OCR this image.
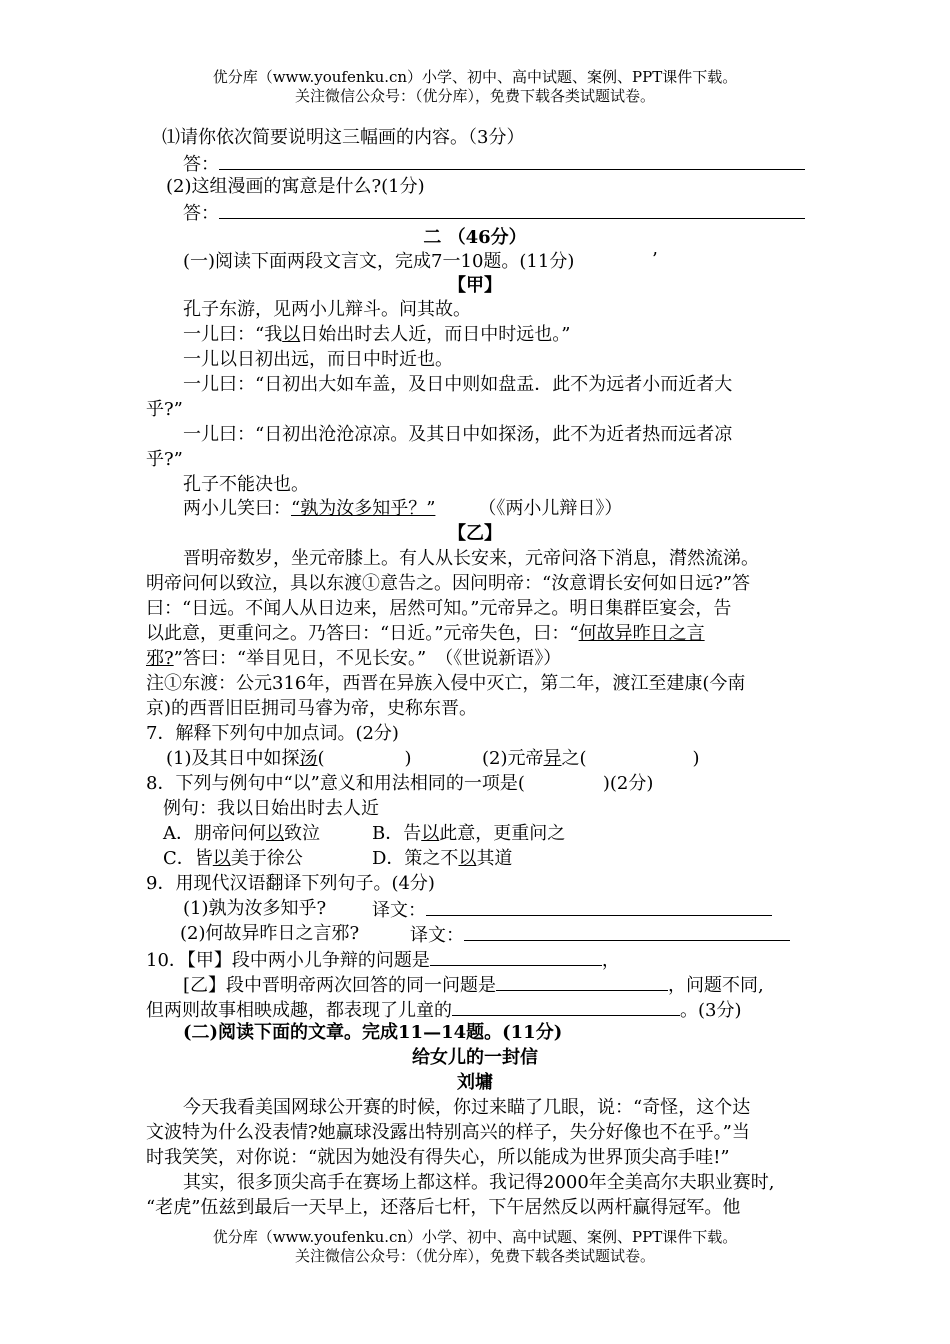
优分库（www.youfenku.cn）小学、初中、高中试题、案例、PPT课件下载。
关注微信公众号：（优分库），免费下载各类试题试卷。
⑴请你依次简要说明这三幅画的内容。（3分）
答：
(2)这组漫画的寓意是什么?(1分)
答：
二 （46分）
(一)阅读下面两段文言文，完成7一10题。(11分)	’
【甲】
孔子东游，见两小儿辩斗。问其故。
一儿曰：“我以日始出时去人近，而日中时远也。”
一儿以日初出远，而日中时近也。
一儿曰：“日初出大如车盖，及日中则如盘盂．此不为远者小而近者大
乎?”
一儿曰：“日初出沧沧凉凉。及其日中如探汤，此不为近者热而远者凉
乎?”
孔子不能决也。
两小儿笑曰：“孰为汝多知乎？”	（《两小儿辩日》）
【乙】
晋明帝数岁，坐元帝膝上。有人从长安来，元帝问洛下消息，潸然流涕。
明帝问何以致泣，具以东渡①意告之。因问明帝：“汝意谓长安何如日远?”答
曰：“日远。不闻人从日边来，居然可知。”元帝异之。明日集群臣宴会，告
以此意，更重问之。乃答曰：“日近。”元帝失色，曰：“何故异昨日之言
邪?”答曰：“举目见日，不见长安。”　（《世说新语》）
注①东渡：公元316年，西晋在异族入侵中灭亡，第二年，渡江至建康(今南
京)的西晋旧臣拥司马睿为帝，史称东晋。
7．解释下列句中加点词。(2分)
(1)及其日中如探汤(	)	(2)元帝异之(	)
8．下列与例句中“以”意义和用法相同的一项是(	)(2分)
例句：我以日始出时去人近
A．朋帝问何以致泣	B．告以此意，更重问之
C．皆以美于徐公	D．策之不以其道
9．用现代汉语翻译下列句子。(4分)
(1)孰为汝多知乎?	译文：
(2)何故异昨日之言邪?	译文：
10．【甲】段中两小儿争辩的问题是	，
[乙】段中晋明帝两次回答的同一问题是	，问题不同,
但两则故事相映成趣，都表现了儿童的	。(3分)
(二)阅读下面的文章。完成11—14题。(11分)
给女儿的一封信
刘墉
今天我看美国网球公开赛的时候，你过来瞄了几眼，说：“奇怪，这个达
文波特为什么没表情?她赢球没露出特别高兴的样子，失分好像也不在乎。”当
时我笑笑，对你说：“就因为她没有得失心，所以能成为世界顶尖高手哇!”
其实，很多顶尖高手在赛场上都这样。我记得2000年全美高尔夫职业赛时,
“老虎”伍兹到最后一天早上，还落后七杆，下午居然反以两杆赢得冠军。他
优分库（www.youfenku.cn）小学、初中、高中试题、案例、PPT课件下载。
关注微信公众号：（优分库），免费下载各类试题试卷。
